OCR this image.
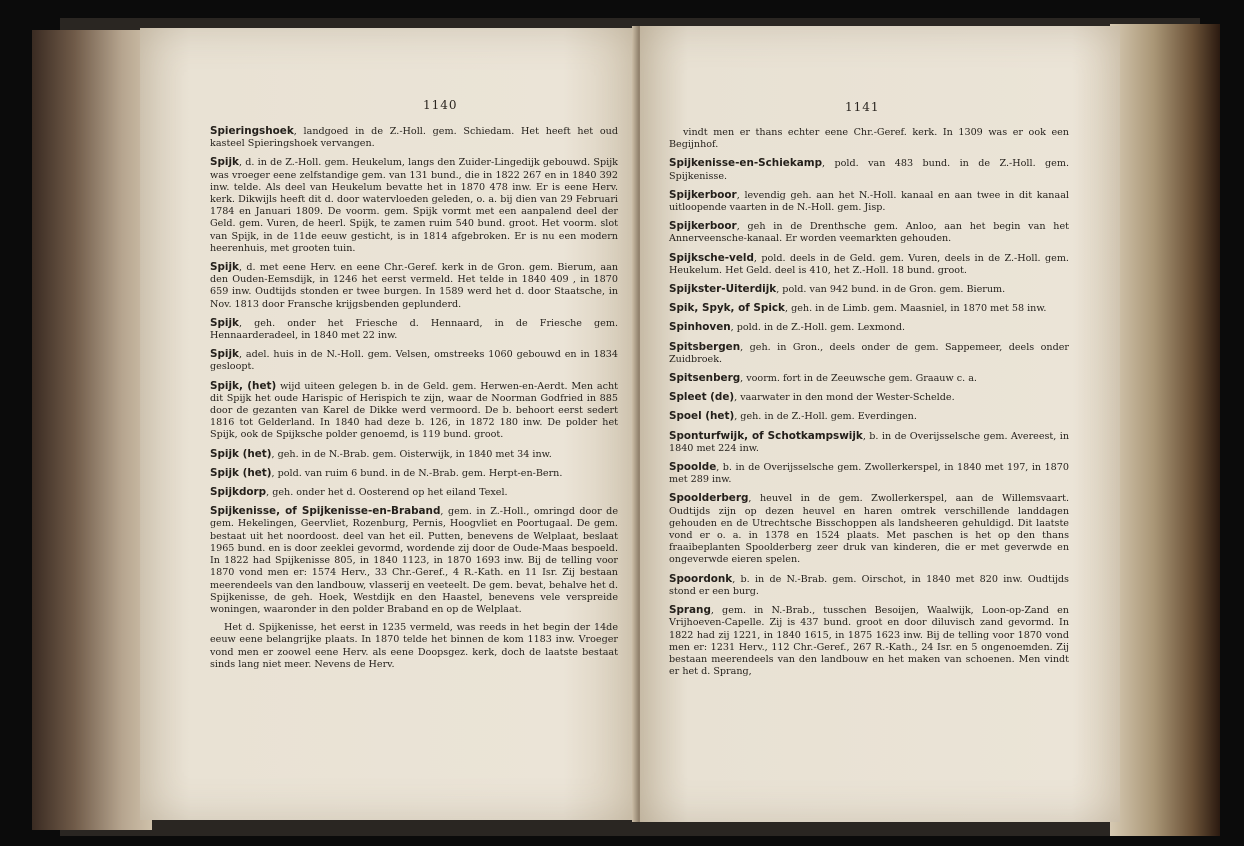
1140

Spieringshoek, landgoed in de Z.-Holl. gem. Schiedam. Het heeft het oud kasteel Spieringshoek vervangen.

Spijk, d. in de Z.-Holl. gem. Heukelum, langs den Zuider-Lingedijk gebouwd. Spijk was vroeger eene zelfstandige gem. van 131 bund., die in 1822 267 en in 1840 392 inw. telde. Als deel van Heukelum bevatte het in 1870 478 inw. Er is eene Herv. kerk. Dikwijls heeft dit d. door watervloeden geleden, o. a. bij dien van 29 Februari 1784 en Januari 1809. De voorm. gem. Spijk vormt met een aanpalend deel der Geld. gem. Vuren, de heerl. Spijk, te zamen ruim 540 bund. groot. Het voorm. slot van Spijk, in de 11de eeuw gesticht, is in 1814 afgebroken. Er is nu een modern heerenhuis, met grooten tuin.

Spijk, d. met eene Herv. en eene Chr.-Geref. kerk in de Gron. gem. Bierum, aan den Ouden-Eemsdijk, in 1246 het eerst vermeld. Het telde in 1840 409 , in 1870 659 inw. Oudtijds stonden er twee burgen. In 1589 werd het d. door Staatsche, in Nov. 1813 door Fransche krijgsbenden geplunderd.

Spijk, geh. onder het Friesche d. Hennaard, in de Friesche gem. Hennaarderadeel, in 1840 met 22 inw.

Spijk, adel. huis in de N.-Holl. gem. Velsen, omstreeks 1060 gebouwd en in 1834 gesloopt.

Spijk, (het) wijd uiteen gelegen b. in de Geld. gem. Herwen-en-Aerdt. Men acht dit Spijk het oude Harispic of Herispich te zijn, waar de Noorman Godfried in 885 door de gezanten van Karel de Dikke werd vermoord. De b. behoort eerst sedert 1816 tot Gelderland. In 1840 had deze b. 126, in 1872 180 inw. De polder het Spijk, ook de Spijksche polder genoemd, is 119 bund. groot.

Spijk (het), geh. in de N.-Brab. gem. Oisterwijk, in 1840 met 34 inw.

Spijk (het), pold. van ruim 6 bund. in de N.-Brab. gem. Herpt-en-Bern.

Spijkdorp, geh. onder het d. Oosterend op het eiland Texel.

Spijkenisse, of Spijkenisse-en-Braband, gem. in Z.-Holl., omringd door de gem. Hekelingen, Geervliet, Rozenburg, Pernis, Hoogvliet en Poortugaal. De gem. bestaat uit het noordoost. deel van het eil. Putten, benevens de Welplaat, beslaat 1965 bund. en is door zeeklei gevormd, wordende zij door de Oude-Maas bespoeld. In 1822 had Spijkenisse 805, in 1840 1123, in 1870 1693 inw. Bij de telling voor 1870 vond men er: 1574 Herv., 33 Chr.-Geref., 4 R.-Kath. en 11 Isr. Zij bestaan meerendeels van den landbouw, vlasserij en veeteelt. De gem. bevat, behalve het d. Spijkenisse, de geh. Hoek, Westdijk en den Haastel, benevens vele verspreide woningen, waaronder in den polder Braband en op de Welplaat.

Het d. Spijkenisse, het eerst in 1235 vermeld, was reeds in het begin der 14de eeuw eene belangrijke plaats. In 1870 telde het binnen de kom 1183 inw. Vroeger vond men er zoowel eene Herv. als eene Doopsgez. kerk, doch de laatste bestaat sinds lang niet meer. Nevens de Herv.

1141

vindt men er thans echter eene Chr.-Geref. kerk. In 1309 was er ook een Begijnhof.

Spijkenisse-en-Schiekamp, pold. van 483 bund. in de Z.-Holl. gem. Spijkenisse.

Spijkerboor, levendig geh. aan het N.-Holl. kanaal en aan twee in dit kanaal uitloopende vaarten in de N.-Holl. gem. Jisp.

Spijkerboor, geh in de Drenthsche gem. Anloo, aan het begin van het Annerveensche-kanaal. Er worden veemarkten gehouden.

Spijksche-veld, pold. deels in de Geld. gem. Vuren, deels in de Z.-Holl. gem. Heukelum. Het Geld. deel is 410, het Z.-Holl. 18 bund. groot.

Spijkster-Uiterdijk, pold. van 942 bund. in de Gron. gem. Bierum.

Spik, Spyk, of Spick, geh. in de Limb. gem. Maasniel, in 1870 met 58 inw.

Spinhoven, pold. in de Z.-Holl. gem. Lexmond.

Spitsbergen, geh. in Gron., deels onder de gem. Sappemeer, deels onder Zuidbroek.

Spitsenberg, voorm. fort in de Zeeuwsche gem. Graauw c. a.

Spleet (de), vaarwater in den mond der Wester-Schelde.

Spoel (het), geh. in de Z.-Holl. gem. Everdingen.

Sponturfwijk, of Schotkampswijk, b. in de Overijsselsche gem. Avereest, in 1840 met 224 inw.

Spoolde, b. in de Overijsselsche gem. Zwollerkerspel, in 1840 met 197, in 1870 met 289 inw.

Spoolderberg, heuvel in de gem. Zwollerkerspel, aan de Willemsvaart. Oudtijds zijn op dezen heuvel en haren omtrek verschillende landdagen gehouden en de Utrechtsche Bisschoppen als landsheeren gehuldigd. Dit laatste vond er o. a. in 1378 en 1524 plaats. Met paschen is het op den thans fraaibeplanten Spoolderberg zeer druk van kinderen, die er met geverwde en ongeverwde eieren spelen.

Spoordonk, b. in de N.-Brab. gem. Oirschot, in 1840 met 820 inw. Oudtijds stond er een burg.

Sprang, gem. in N.-Brab., tusschen Besoijen, Waalwijk, Loon-op-Zand en Vrijhoeven-Capelle. Zij is 437 bund. groot en door diluvisch zand gevormd. In 1822 had zij 1221, in 1840 1615, in 1875 1623 inw. Bij de telling voor 1870 vond men er: 1231 Herv., 112 Chr.-Geref., 267 R.-Kath., 24 Isr. en 5 ongenoemden. Zij bestaan meerendeels van den landbouw en het maken van schoenen. Men vindt er het d. Sprang,
